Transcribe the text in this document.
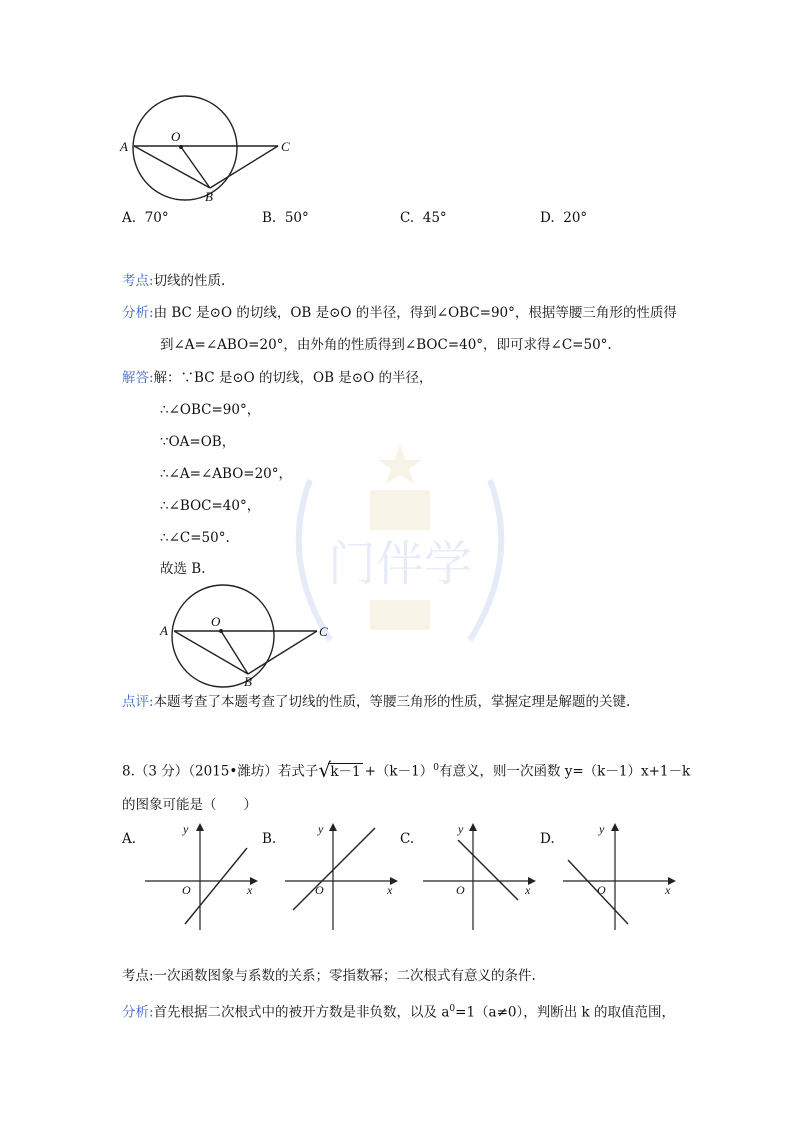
门伴学
A
O
B
C
A. 70°	B. 50°	C. 45°	D. 20°
考点:切线的性质.
分析:由 BC 是⊙O 的切线，OB 是⊙O 的半径，得到∠OBC=90°，根据等腰三角形的性质得
到∠A=∠ABO=20°，由外角的性质得到∠BOC=40°，即可求得∠C=50°.
解答:解：∵BC 是⊙O 的切线，OB 是⊙O 的半径，
∴∠OBC=90°，
∵OA=OB，
∴∠A=∠ABO=20°，
∴∠BOC=40°，
∴∠C=50°.
故选 B.
A
O
B
C
点评:本题考查了本题考查了切线的性质，等腰三角形的性质，掌握定理是解题的关键.
8.（3 分）（2015•潍坊）若式子 √ $k-1 +(k-1)^0$有意义，则一次函数 y=（k－1）x+1－k
的图象可能是（　　）
A.
y
x
O
B.
y
x
O
C.
y
x
O
D.
y
x
O
考点:一次函数图象与系数的关系；零指数幂；二次根式有意义的条件.
分析:首先根据二次根式中的被开方数是非负数，以及 $a^0=1(a\ne 0)$，判断出 k 的取值范围，
